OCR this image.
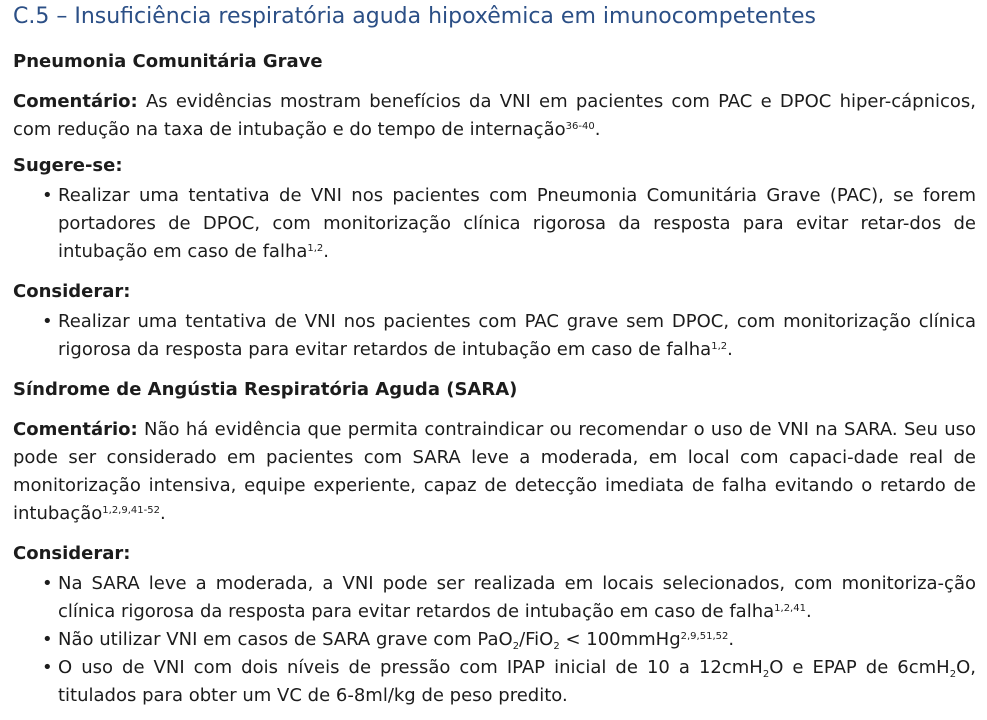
C.5 – Insuficiência respiratória aguda hipoxêmica em imunocompetentes
Pneumonia Comunitária Grave

Comentário: As evidências mostram benefícios da VNI em pacientes com PAC e DPOC hiper-cápnicos, com redução na taxa de intubação e do tempo de internação$^{36-40}$.

Sugere-se:
• Realizar uma tentativa de VNI nos pacientes com Pneumonia Comunitária Grave (PAC), se forem portadores de DPOC, com monitorização clínica rigorosa da resposta para evitar retar-dos de intubação em caso de falha$^{1,2}$.
Considerar:
• Realizar uma tentativa de VNI nos pacientes com PAC grave sem DPOC, com monitorização clínica rigorosa da resposta para evitar retardos de intubação em caso de falha$^{1,2}$.
Síndrome de Angústia Respiratória Aguda (SARA)

Comentário: Não há evidência que permita contraindicar ou recomendar o uso de VNI na SARA. Seu uso pode ser considerado em pacientes com SARA leve a moderada, em local com capaci-dade real de monitorização intensiva, equipe experiente, capaz de detecção imediata de falha evitando o retardo de intubação$^{1,2,9,41-52}$.

Considerar:
• Na SARA leve a moderada, a VNI pode ser realizada em locais selecionados, com monitoriza-ção clínica rigorosa da resposta para evitar retardos de intubação em caso de falha$^{1,2,41}$.
• Não utilizar VNI em casos de SARA grave com PaO$_2$/FiO$_2$ < 100mmHg$^{2,9,51,52}$.
• O uso de VNI com dois níveis de pressão com IPAP inicial de 10 a 12cmH$_2$O e EPAP de 6cmH$_2$O, titulados para obter um VC de 6-8ml/kg de peso predito.
